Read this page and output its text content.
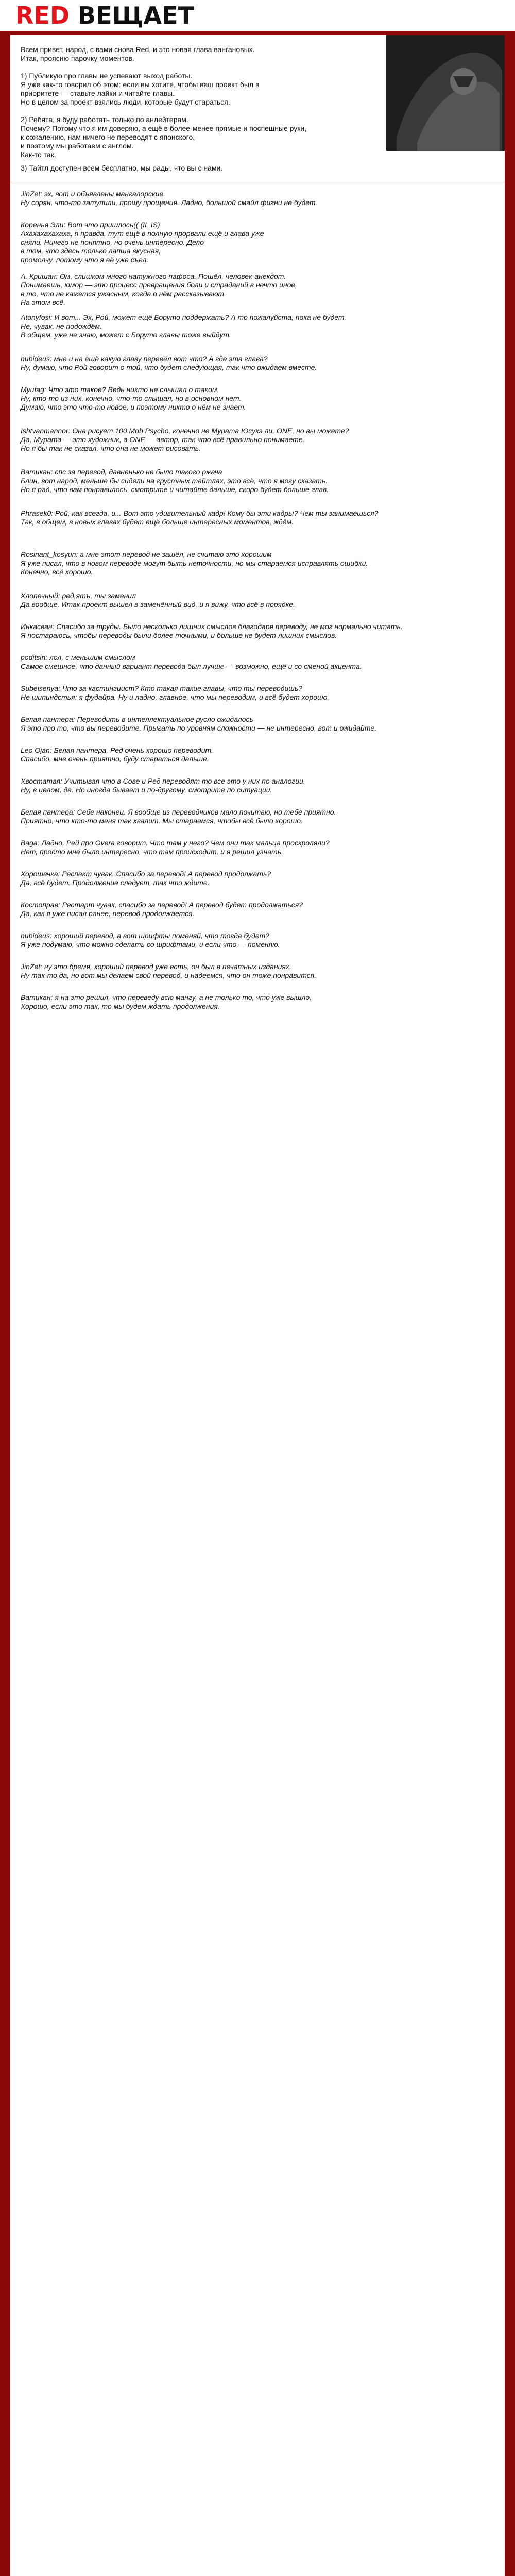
RED ВЕЩАЕТ
Всем привет, народ, с вами снова Red, и это новая глава вангановых.
Итак, проясню парочку моментов.

1) Публикую про главы не успевают выход работы.
Я уже как-то говорил об этом: если вы хотите, чтобы ваш проект был в
приоритете — ставьте лайки и читайте главы.
Но в целом за проект взялись люди, которые будут стараться.

2) Ребята, я буду работать только по анлейтерам.
Почему? Потому что я им доверяю, а ещё в более-менее прямые и поспешные руки,
к сожалению, нам ничего не переводят с японского,
и поэтому мы работаем с англом.
Как-то так.
3) Тайтл доступен всем бесплатно, мы рады, что вы с нами.
JinZet: эх, вот и объявлены мангалорские.
Ну сорян, что-то затупили, прошу прощения. Ладно, большой смайл фигни не будет.
Коренья Эли: Вот что пришлось(( (II_IS)
Ахахахахахаха, я правда, тут ещё в полную прорвали ещё и глава уже
сняли. Ничего не понятно, но очень интересно. Дело
в том, что здесь только лапша вкусная,
промолчу, потому что я её уже съел.
А. Кришан: Ом, слишком много натужного пафоса. Пошёл, человек-анекдот.
Понимаешь, юмор — это процесс превращения боли и страданий в нечто иное,
в то, что не кажется ужасным, когда о нём рассказывают.
На этом всё.
Atonyfosi: И вот... Эх, Рой, может ещё Боруто поддержать? А то пожалуйста, пока не будет.
Не, чувак, не подождём.
В общем, уже не знаю, может с Боруто главы тоже выйдут.
nubideus: мне и на ещё какую главу перевёл вот что? А где эта глава?
Ну, думаю, что Рой говорит о той, что будет следующая, так что ожидаем вместе.
Myufag: Что это такое? Ведь никто не слышал о таком.
Ну, кто-то из них, конечно, что-то слышал, но в основном нет.
Думаю, что это что-то новое, и поэтому никто о нём не знает.
Ishtvanmannor: Она рисует 100 Mob Psycho, конечно не Мурата Юсукэ ли, ONE, но вы можете?
Да, Мурата — это художник, а ONE — автор, так что всё правильно понимаете.
Но я бы так не сказал, что она не может рисовать.
Ватикан: спс за перевод, давненько не было такого ржача
Блин, вот народ, меньше бы сидели на грустных тайтлах, это всё, что я могу сказать.
Но я рад, что вам понравилось, смотрите и читайте дальше, скоро будет больше глав.
Phrasek0: Рой, как всегда, и... Вот это удивительный кадр! Кому бы эти кадры? Чем ты занимаешься?
Так, в общем, в новых главах будет ещё больше интересных моментов, ждём.
Rosinant_kosyun: а мне этот перевод не зашёл, не считаю это хорошим
Я уже писал, что в новом переводе могут быть неточности, но мы стараемся исправлять ошибки.
Конечно, всё хорошо.
Хлопечный: ред,ятъ, ты заменил
Да вообще. Итак проект вышел в заменённый вид, и я вижу, что всё в порядке.
Инкасван: Спасибо за труды. Было несколько лишних смыслов благодаря переводу, не мог нормально читать.
Я постараюсь, чтобы переводы были более точными, и больше не будет лишних смыслов.
poditsin: лол, с меньшим смыслом
Самое смешное, что данный вариант перевода был лучше — возможно, ещё и со сменой акцента.
Subeisenya: Что за кастингиист? Кто такая такие главы, что ты переводишь?
Не шипиндстья: я фудайра. Ну и ладно, главное, что мы переводим, и всё будет хорошо.
Белая пантера: Переводить в интеллектуальное русло ожидалось
Я это про то, что вы переводите. Прыгать по уровням сложности — не интересно, вот и ожидайте.
Leo Ojan: Белая пантера, Ред очень хорошо переводит.
Спасибо, мне очень приятно, буду стараться дальше.
Хвостатая: Учитывая что в Сове и Ред переводят то все это у них по аналогии.
Ну, в целом, да. Но иногда бывает и по-другому, смотрите по ситуации.
Белая пантера: Себе наконец. Я вообще из переводчиков мало почитаю, но тебе приятно.
Приятно, что кто-то меня так хвалит. Мы стараемся, чтобы всё было хорошо.
Baga: Ладно, Рей про Overa говорит. Что там у него? Чем они так мальца проскроляли?
Нет, просто мне было интересно, что там происходит, и я решил узнать.
Хорошечка: Респект чувак. Спасибо за перевод! А перевод продолжать?
Да, всё будет. Продолжение следует, так что ждите.
Костоправ: Рестарт чувак, спасибо за перевод! А перевод будет продолжаться?
Да, как я уже писал ранее, перевод продолжается.
nubideus: хороший перевод, а вот шрифты поменяй, что тогда будет?
Я уже подумаю, что можно сделать со шрифтами, и если что — поменяю.
JinZet: ну это бремя, хороший перевод уже есть, он был в печатных изданиях.
Ну так-то да, но вот мы делаем свой перевод, и надеемся, что он тоже понравится.
Ватикан: я на это решил, что переведу всю мангу, а не только то, что уже вышло.
Хорошо, если это так, то мы будем ждать продолжения.
